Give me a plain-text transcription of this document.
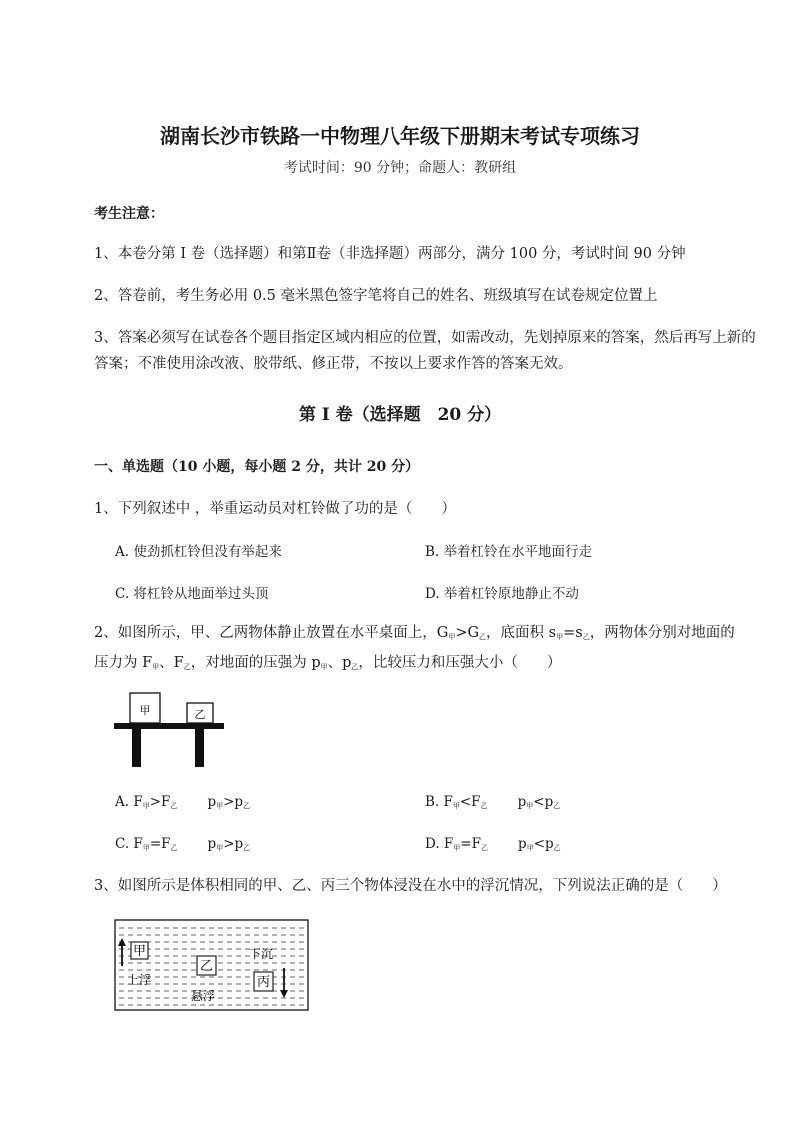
湖南长沙市铁路一中物理八年级下册期末考试专项练习
考试时间：90 分钟；命题人：教研组
考生注意：
1、本卷分第 I 卷（选择题）和第Ⅱ卷（非选择题）两部分，满分 100 分，考试时间 90 分钟
2、答卷前，考生务必用 0.5 毫米黑色签字笔将自己的姓名、班级填写在试卷规定位置上
3、答案必须写在试卷各个题目指定区域内相应的位置，如需改动，先划掉原来的答案，然后再写上新的答案；不准使用涂改液、胶带纸、修正带，不按以上要求作答的答案无效。
第 I 卷（选择题　20 分）
一、单选题（10 小题，每小题 2 分，共计 20 分）
1、下列叙述中 ，举重运动员对杠铃做了功的是（　　）
A. 使劲抓杠铃但没有举起来	B. 举着杠铃在水平地面行走
C. 将杠铃从地面举过头顶	D. 举着杠铃原地静止不动
2、如图所示，甲、乙两物体静止放置在水平桌面上，$G_甲>G_乙$，底面积 $s_甲=s_乙$，两物体分别对地面的
压力为 $F_甲$、$F_乙$，对地面的压强为 $p_甲$、$p_乙$，比较压力和压强大小（　　）
甲	乙
A. $F_甲>F_乙$ $p_甲>p_乙$	B. $F_甲<F_乙$ $p_甲<p_乙$
C. $F_甲=F_乙$ $p_甲>p_乙$	D. $F_甲=F_乙$ $p_甲<p_乙$
3、如图所示是体积相同的甲、乙、丙三个物体浸没在水中的浮沉情况，下列说法正确的是（　　）
甲
上浮
乙
悬浮
下沉
丙
